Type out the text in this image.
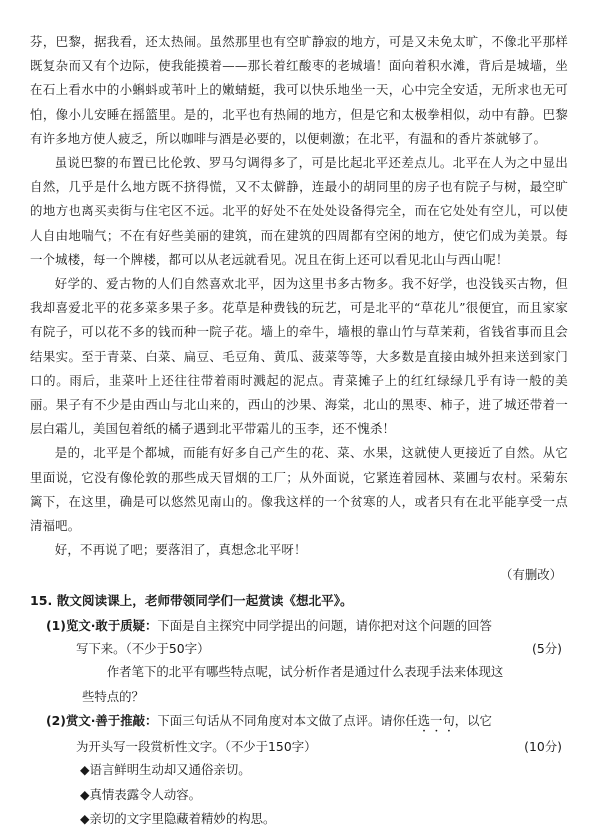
芬，巴黎，据我看，还太热闹。虽然那里也有空旷静寂的地方，可是又未免太旷，不像北平那样既复杂而又有个边际，使我能摸着——那长着红酸枣的老城墙！面向着积水滩，背后是城墙，坐在石上看水中的小蝌蚪或苇叶上的嫩蜻蜓，我可以快乐地坐一天，心中完全安适，无所求也无可怕，像小儿安睡在摇篮里。是的，北平也有热闹的地方，但是它和太极拳相似，动中有静。巴黎有许多地方使人疲乏，所以咖啡与酒是必要的，以便刺激；在北平，有温和的香片茶就够了。

虽说巴黎的布置已比伦敦、罗马匀调得多了，可是比起北平还差点儿。北平在人为之中显出自然，几乎是什么地方既不挤得慌，又不太僻静，连最小的胡同里的房子也有院子与树，最空旷的地方也离买卖街与住宅区不远。北平的好处不在处处设备得完全，而在它处处有空儿，可以使人自由地喘气；不在有好些美丽的建筑，而在建筑的四周都有空闲的地方，使它们成为美景。每一个城楼，每一个牌楼，都可以从老远就看见。况且在街上还可以看见北山与西山呢！

好学的、爱古物的人们自然喜欢北平，因为这里书多古物多。我不好学，也没钱买古物，但我却喜爱北平的花多菜多果子多。花草是种费钱的玩艺，可是北平的“草花儿”很便宜，而且家家有院子，可以花不多的钱而种一院子花。墙上的牵牛，墙根的靠山竹与草茉莉，省钱省事而且会结果实。至于青菜、白菜、扁豆、毛豆角、黄瓜、菠菜等等，大多数是直接由城外担来送到家门口的。雨后，韭菜叶上还往往带着雨时溅起的泥点。青菜摊子上的红红绿绿几乎有诗一般的美丽。果子有不少是由西山与北山来的，西山的沙果、海棠，北山的黑枣、柿子，进了城还带着一层白霜儿，美国包着纸的橘子遇到北平带霜儿的玉李，还不愧杀！

是的，北平是个都城，而能有好多自己产生的花、菜、水果，这就使人更接近了自然。从它里面说，它没有像伦敦的那些成天冒烟的工厂；从外面说，它紧连着园林、菜圃与农村。采菊东篱下，在这里，确是可以悠然见南山的。像我这样的一个贫寒的人，或者只有在北平能享受一点清福吧。

好，不再说了吧；要落泪了，真想念北平呀！

（有删改）

15. 散文阅读课上，老师带领同学们一起赏读《想北平》。

(1)览文·敢于质疑：下面是自主探究中同学提出的问题，请你把对这个问题的回答
写下来。（不少于50字）	(5分)

作者笔下的北平有哪些特点呢，试分析作者是通过什么表现手法来体现这

些特点的？

(2)赏文·善于推敲：下面三句话从不同角度对本文做了点评。请你任选一句，以它
为开头写一段赏析性文字。（不少于150字）	(10分)

◆语言鲜明生动却又通俗亲切。

◆真情表露令人动容。

◆亲切的文字里隐藏着精妙的构思。
